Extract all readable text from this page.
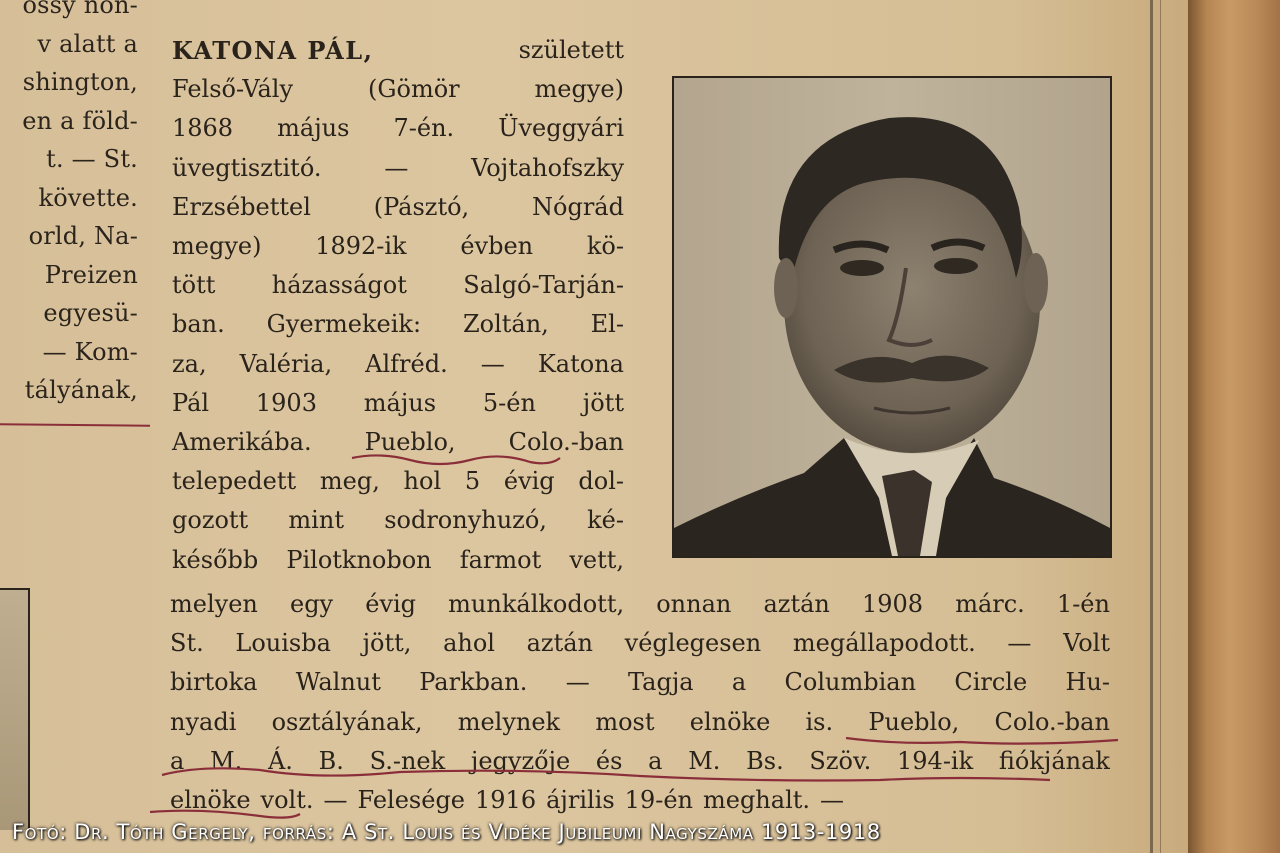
ossy non-
v alatt a
shington,
en a föld-
t. — St.
követte.
orld, Na-
Preizen
egyesü-
— Kom-
tályának,
KATONA PÁL,	született
Felső-Vály	(Gömör	megye)
1868 május 7-én. Üveggyári
üvegtisztitó.	—	Vojtahofszky
Erzsébettel	(Pásztó,	Nógrád
megye) 1892-ik évben kö-
tött házasságot Salgó-Tarján-
ban. Gyermekeik: Zoltán, El-
za, Valéria, Alfréd. — Katona
Pál 1903 május 5-én jött
Amerikába. Pueblo, Colo.-ban
telepedett meg, hol 5 évig dol-
gozott mint sodronyhuzó, ké-
később Pilotknobon farmot vett,
melyen egy évig munkálkodott, onnan aztán 1908 márc. 1-én
St. Louisba jött, ahol aztán véglegesen megállapodott. — Volt
birtoka Walnut Parkban. — Tagja a Columbian Circle Hu-
nyadi osztályának, melynek most elnöke is. Pueblo, Colo.-ban
a M. Á. B. S.-nek jegyzője és a M. Bs. Szöv. 194-ik fiókjának
elnöke volt. — Felesége 1916 ájrilis 19-én meghalt. —
Fotó: Dr. Tóth Gergely, forrás: A St. Louis és Vidéke Jubileumi Nagyszáma 1913-1918
